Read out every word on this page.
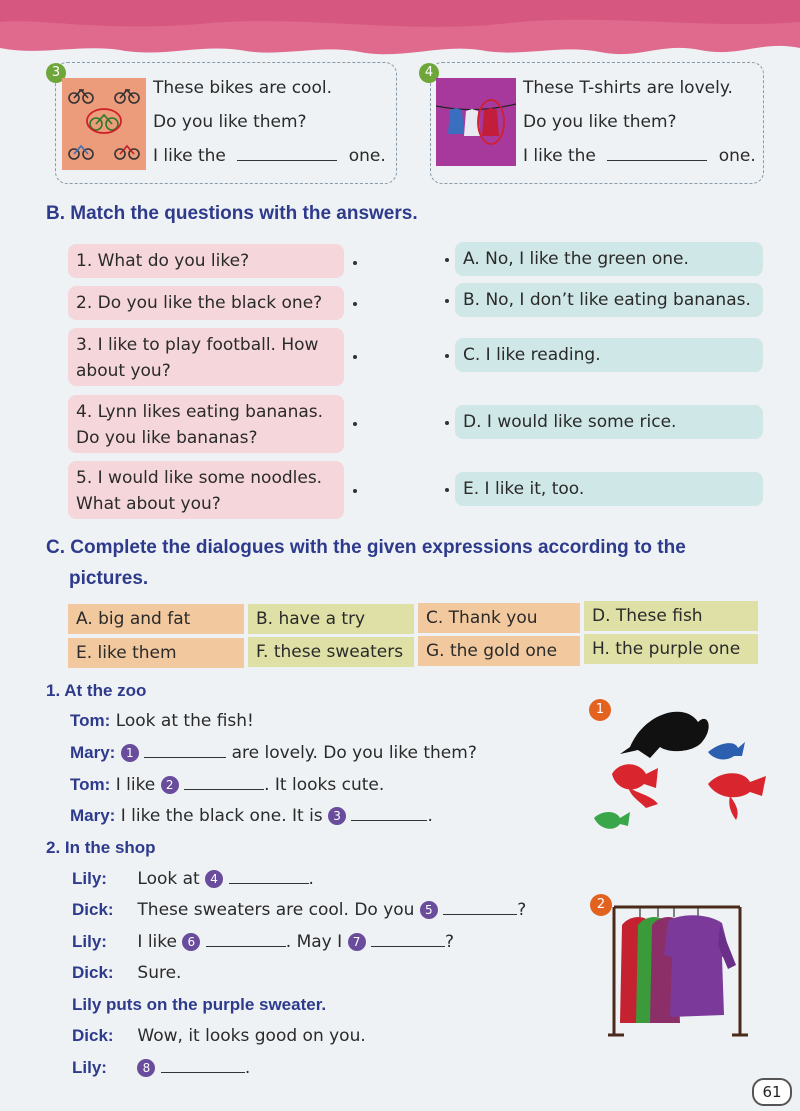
3
These bikes are cool.
Do you like them?
I like the	one.
4
These T-shirts are lovely.
Do you like them?
I like the	one.
B. Match the questions with the answers.
1. What do you like?
2. Do you like the black one?
3. I like to play football. How about you?
4. Lynn likes eating bananas. Do you like bananas?
5. I would like some noodles. What about you?
A. No, I like the green one.
B. No, I don’t like eating bananas.
C. I like reading.
D. I would like some rice.
E. I like it, too.
C. Complete the dialogues with the given expressions according to the
pictures.
A. big and fat	B. have a try	C. Thank you	D. These fish
E. like them	F. these sweaters	G. the gold one	H. the purple one
1. At the zoo
Tom: Look at the fish!
Mary: 1	are lovely. Do you like them?
Tom: I like 2	. It looks cute.
Mary: I like the black one. It is 3	.
1
2. In the shop
Lily: Look at 4	.
Dick: These sweaters are cool. Do you 5	?
Lily: I like 6	. May I 7	?
Dick: Sure.
Lily puts on the purple sweater.
Dick: Wow, it looks good on you.
Lily:	8	.
2
61
